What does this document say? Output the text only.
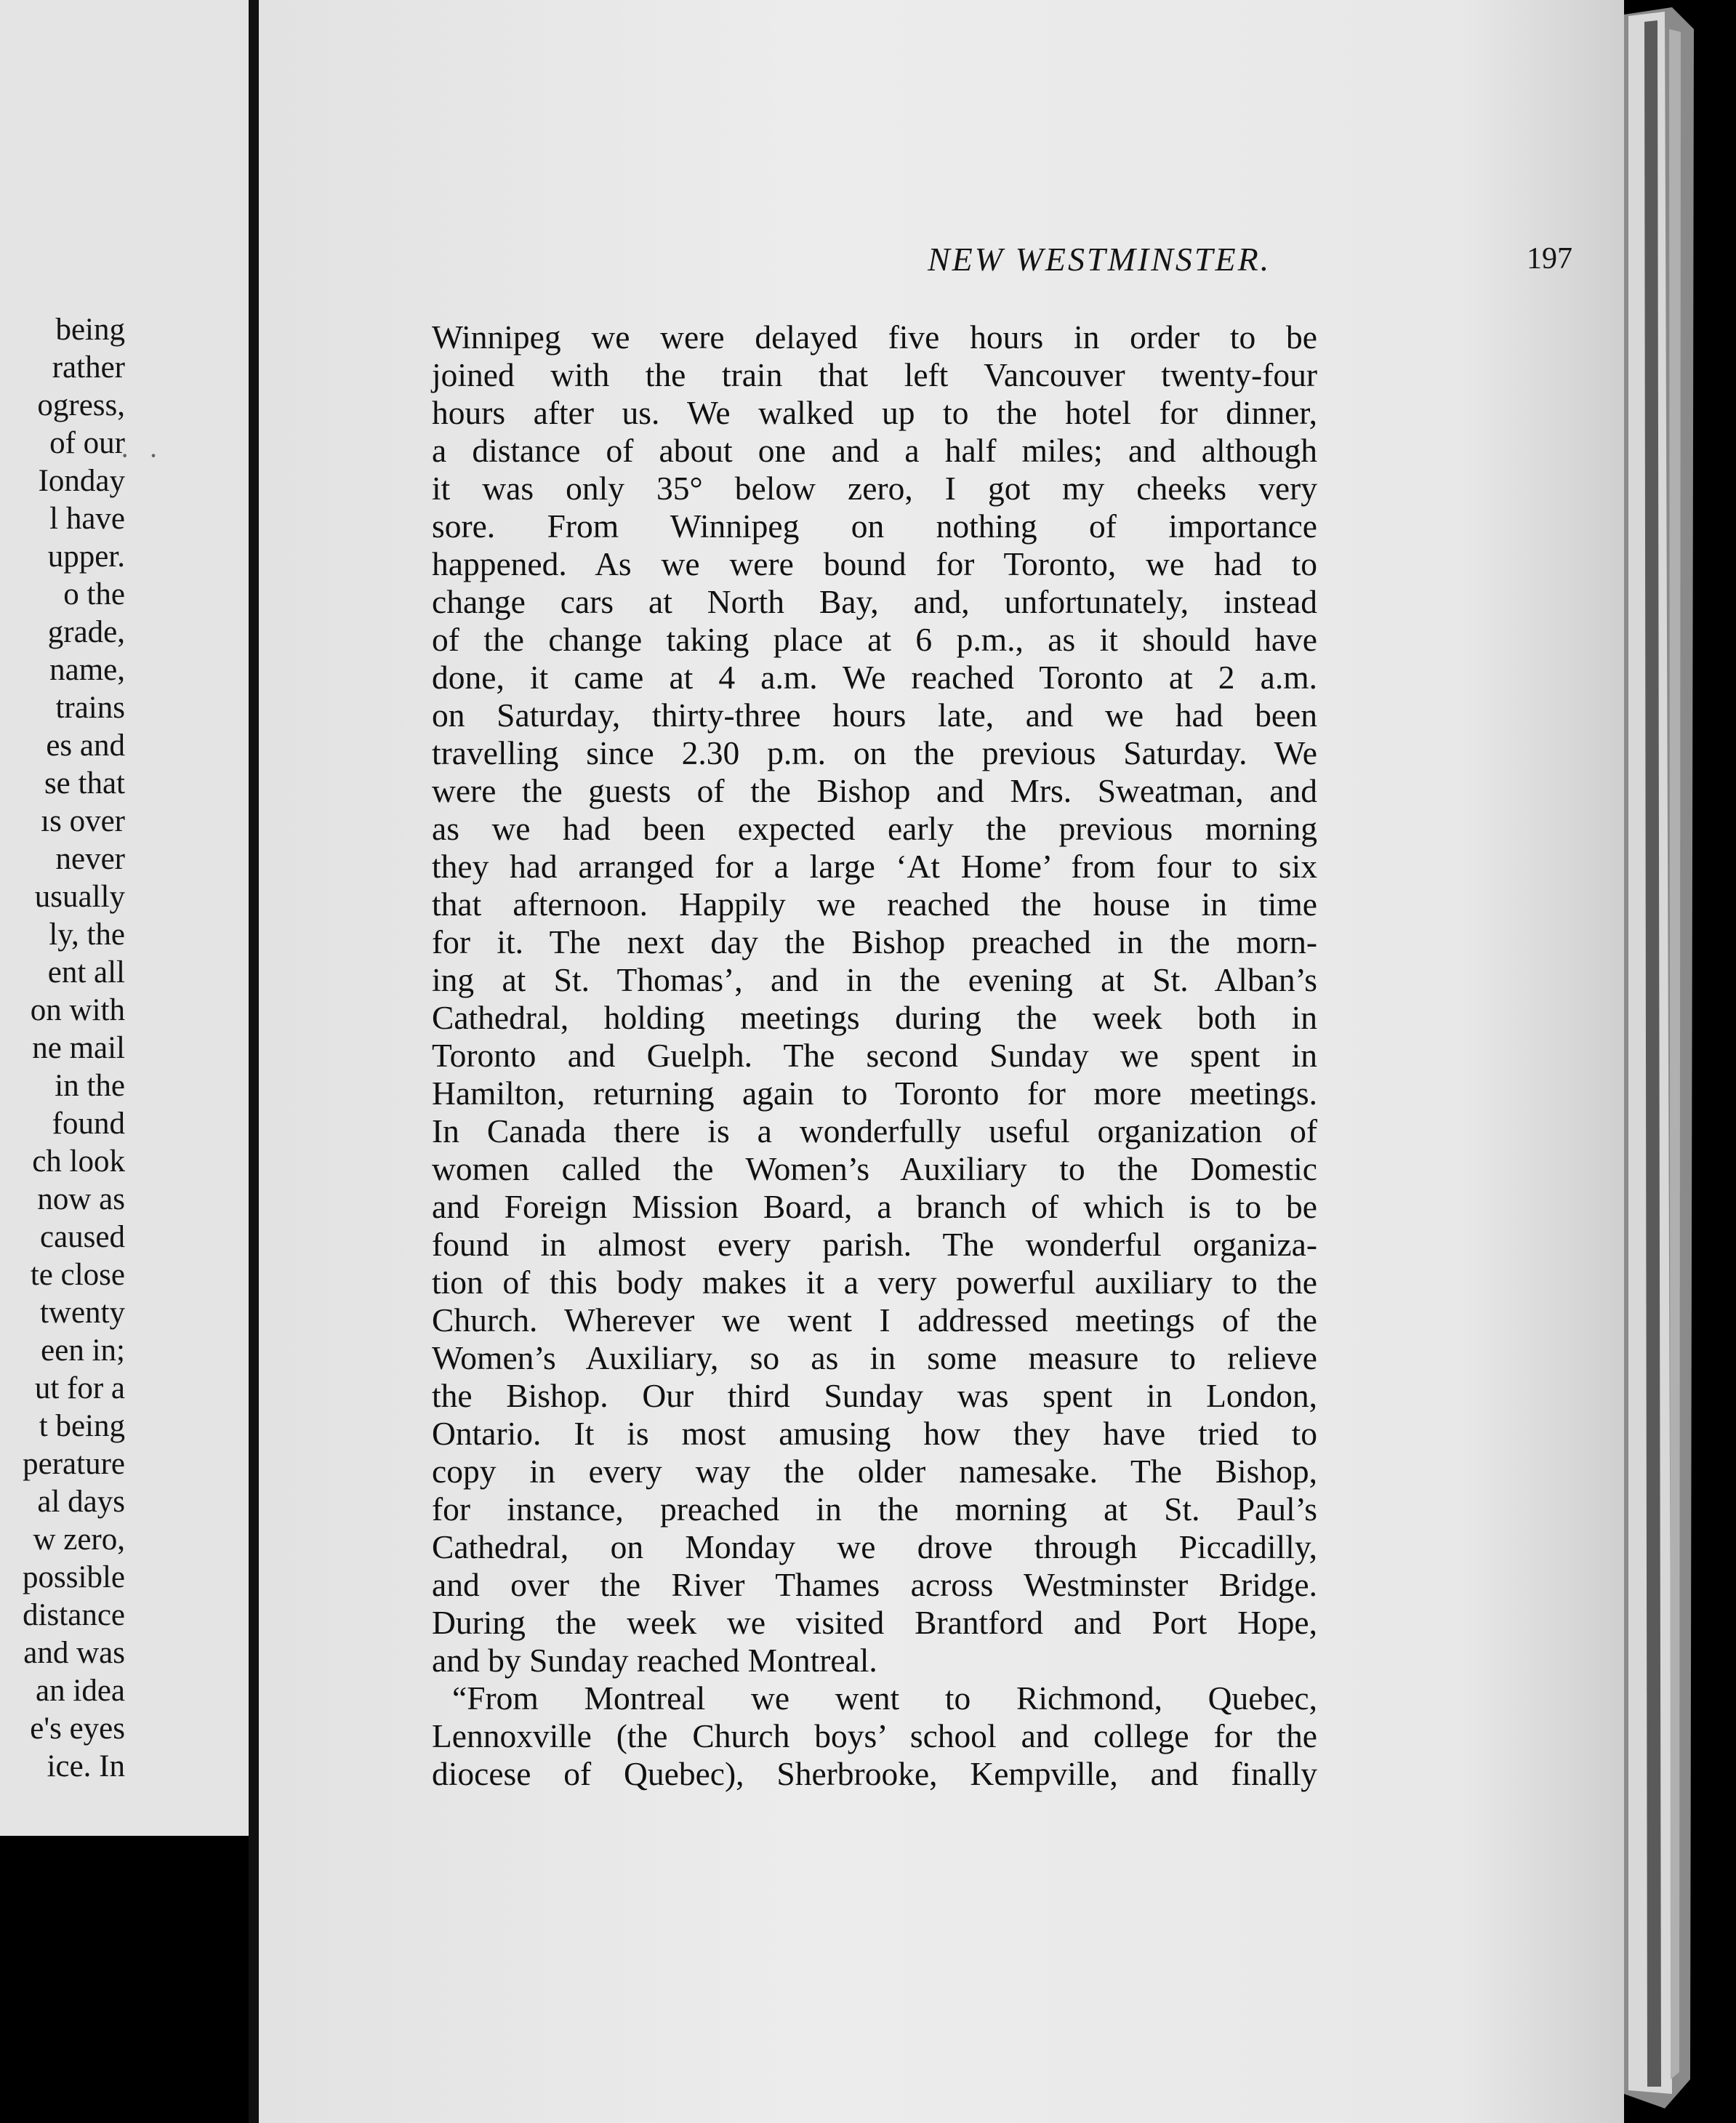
being
rather
ogress,
of our
Ionday
l have
upper.
o the
grade,
name,
trains
es and
se that
ıs over
never
usually
ly, the
ent all
on with
ne mail
in the
found
ch look
now as
caused
te close
twenty
een in;
ut for a
t being
perature
al days
w zero,
possible
distance
and was
an idea
e's eyes
ice. In
· ·
NEW WESTMINSTER.	197
Winnipeg we were delayed five hours in order to be
joined with the train that left Vancouver twenty-four
hours after us. We walked up to the hotel for dinner,
a distance of about one and a half miles; and although
it was only 35° below zero, I got my cheeks very
sore. From Winnipeg on nothing of importance
happened. As we were bound for Toronto, we had to
change cars at North Bay, and, unfortunately, instead
of the change taking place at 6 p.m., as it should have
done, it came at 4 a.m. We reached Toronto at 2 a.m.
on Saturday, thirty-three hours late, and we had been
travelling since 2.30 p.m. on the previous Saturday. We
were the guests of the Bishop and Mrs. Sweatman, and
as we had been expected early the previous morning
they had arranged for a large ‘At Home’ from four to six
that afternoon. Happily we reached the house in time
for it. The next day the Bishop preached in the morn-
ing at St. Thomas’, and in the evening at St. Alban’s
Cathedral, holding meetings during the week both in
Toronto and Guelph. The second Sunday we spent in
Hamilton, returning again to Toronto for more meetings.
In Canada there is a wonderfully useful organization of
women called the Women’s Auxiliary to the Domestic
and Foreign Mission Board, a branch of which is to be
found in almost every parish. The wonderful organiza-
tion of this body makes it a very powerful auxiliary to the
Church. Wherever we went I addressed meetings of the
Women’s Auxiliary, so as in some measure to relieve
the Bishop. Our third Sunday was spent in London,
Ontario. It is most amusing how they have tried to
copy in every way the older namesake. The Bishop,
for instance, preached in the morning at St. Paul’s
Cathedral, on Monday we drove through Piccadilly,
and over the River Thames across Westminster Bridge.
During the week we visited Brantford and Port Hope,
and by Sunday reached Montreal.
“From Montreal we went to Richmond, Quebec,
Lennoxville (the Church boys’ school and college for the
diocese of Quebec), Sherbrooke, Kempville, and finally
